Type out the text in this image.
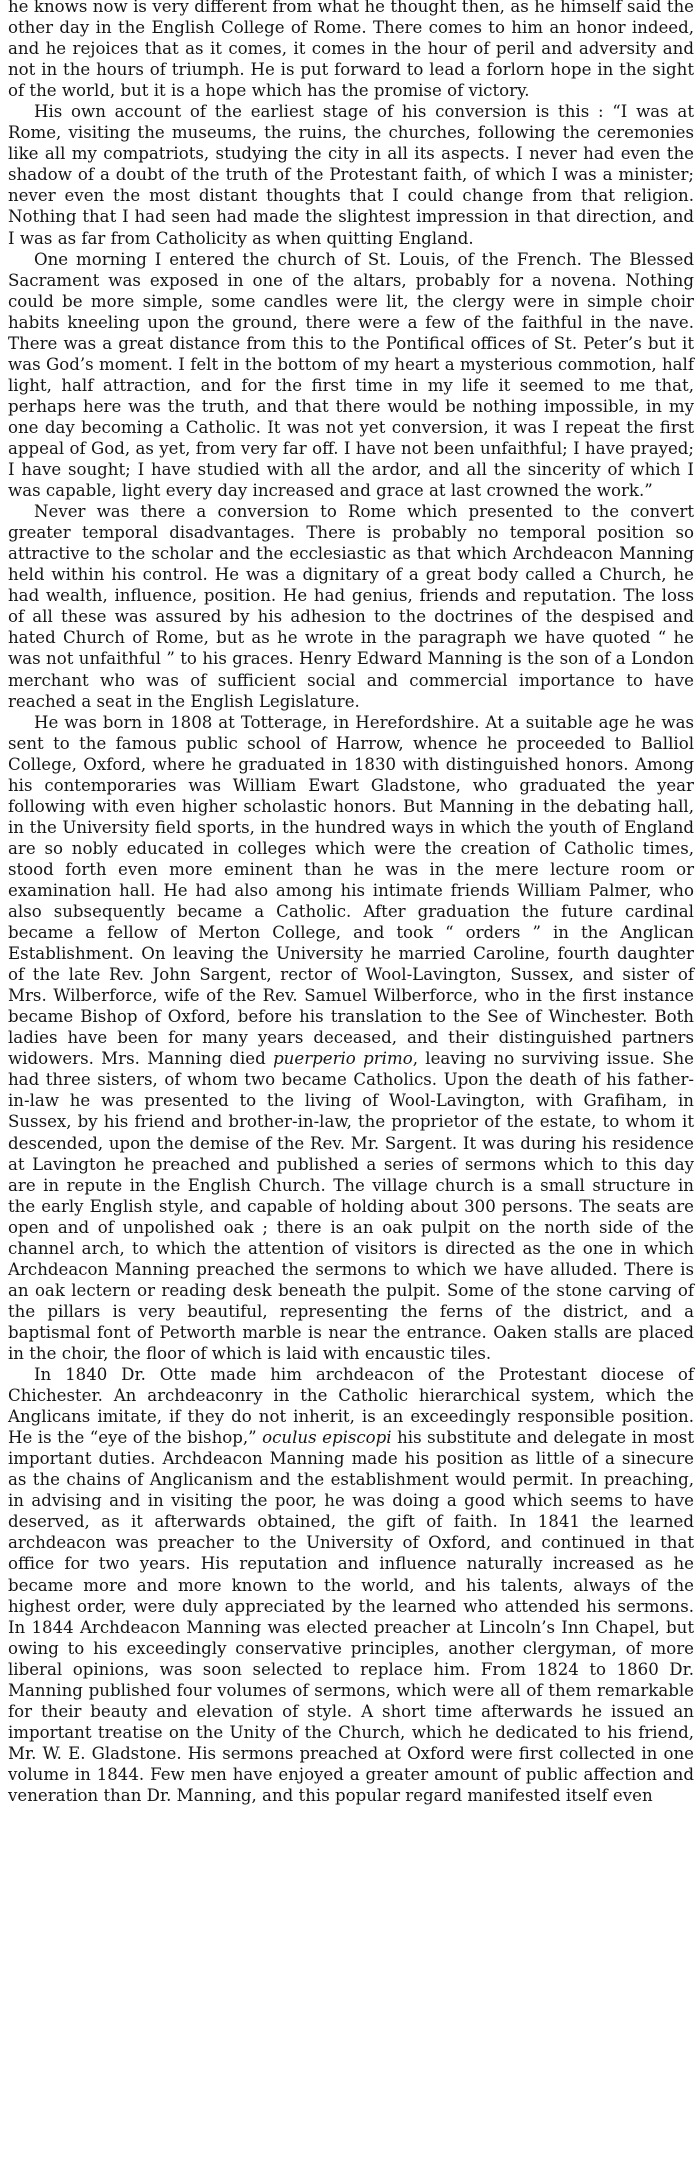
he knows now is very different from what he thought then, as he himself said the other day in the English College of Rome. There comes to him an honor indeed, and he rejoices that as it comes, it comes in the hour of peril and adversity and not in the hours of triumph. He is put forward to lead a forlorn hope in the sight of the world, but it is a hope which has the promise of victory.

His own account of the earliest stage of his conversion is this : “I was at Rome, visiting the museums, the ruins, the churches, following the ceremonies like all my compatriots, studying the city in all its aspects. I never had even the shadow of a doubt of the truth of the Protestant faith, of which I was a minister; never even the most distant thoughts that I could change from that religion. Nothing that I had seen had made the slightest impression in that direction, and I was as far from Catholicity as when quitting England.

One morning I entered the church of St. Louis, of the French. The Blessed Sacrament was exposed in one of the altars, probably for a novena. Nothing could be more simple, some candles were lit, the clergy were in simple choir habits kneeling upon the ground, there were a few of the faithful in the nave. There was a great distance from this to the Pontifical offices of St. Peter’s but it was God’s moment. I felt in the bottom of my heart a mysterious commotion, half light, half attraction, and for the first time in my life it seemed to me that, perhaps here was the truth, and that there would be nothing impossible, in my one day becoming a Catholic. It was not yet conversion, it was I repeat the first appeal of God, as yet, from very far off. I have not been unfaithful; I have prayed; I have sought; I have studied with all the ardor, and all the sincerity of which I was capable, light every day increased and grace at last crowned the work.”

Never was there a conversion to Rome which presented to the convert greater temporal disadvantages. There is probably no temporal position so attractive to the scholar and the ecclesiastic as that which Archdeacon Manning held within his control. He was a dignitary of a great body called a Church, he had wealth, influence, position. He had genius, friends and reputation. The loss of all these was assured by his adhesion to the doctrines of the despised and hated Church of Rome, but as he wrote in the paragraph we have quoted “ he was not unfaithful ” to his graces. Henry Edward Manning is the son of a London merchant who was of sufficient social and commercial importance to have reached a seat in the English Legislature.

He was born in 1808 at Totterage, in Herefordshire. At a suitable age he was sent to the famous public school of Harrow, whence he proceeded to Balliol College, Oxford, where he graduated in 1830 with distinguished honors. Among his contemporaries was William Ewart Gladstone, who graduated the year following with even higher scholastic honors. But Manning in the debating hall, in the University field sports, in the hundred ways in which the youth of England are so nobly educated in colleges which were the creation of Catholic times, stood forth even more eminent than he was in the mere lecture room or examination hall. He had also among his intimate friends William Palmer, who also subsequently became a Catholic. After graduation the future cardinal became a fellow of Merton College, and took “ orders ” in the Anglican Establishment. On leaving the University he married Caroline, fourth daughter of the late Rev. John Sargent, rector of Wool-Lavington, Sussex, and sister of Mrs. Wilberforce, wife of the Rev. Samuel Wilberforce, who in the first instance became Bishop of Oxford, before his translation to the See of Winchester. Both ladies have been for many years deceased, and their distinguished partners widowers. Mrs. Manning died puerperio primo, leaving no surviving issue. She had three sisters, of whom two became Catholics. Upon the death of his father-in-law he was presented to the living of Wool-Lavington, with Grafiham, in Sussex, by his friend and brother-in-law, the proprietor of the estate, to whom it descended, upon the demise of the Rev. Mr. Sargent. It was during his residence at Lavington he preached and published a series of sermons which to this day are in repute in the English Church. The village church is a small structure in the early English style, and capable of holding about 300 persons. The seats are open and of unpolished oak ; there is an oak pulpit on the north side of the channel arch, to which the attention of visitors is directed as the one in which Archdeacon Manning preached the sermons to which we have alluded. There is an oak lectern or reading desk beneath the pulpit. Some of the stone carving of the pillars is very beautiful, representing the ferns of the district, and a baptismal font of Petworth marble is near the entrance. Oaken stalls are placed in the choir, the floor of which is laid with encaustic tiles.

In 1840 Dr. Otte made him archdeacon of the Protestant diocese of Chichester. An archdeaconry in the Catholic hierarchical system, which the Anglicans imitate, if they do not inherit, is an exceedingly responsible position. He is the “eye of the bishop,” oculus episcopi his substitute and delegate in most important duties. Archdeacon Manning made his position as little of a sinecure as the chains of Anglicanism and the establishment would permit. In preaching, in advising and in visiting the poor, he was doing a good which seems to have deserved, as it afterwards obtained, the gift of faith. In 1841 the learned archdeacon was preacher to the University of Oxford, and continued in that office for two years. His reputation and influence naturally increased as he became more and more known to the world, and his talents, always of the highest order, were duly appreciated by the learned who attended his sermons. In 1844 Archdeacon Manning was elected preacher at Lincoln’s Inn Chapel, but owing to his exceedingly conservative principles, another clergyman, of more liberal opinions, was soon selected to replace him. From 1824 to 1860 Dr. Manning published four volumes of sermons, which were all of them remarkable for their beauty and elevation of style. A short time afterwards he issued an important treatise on the Unity of the Church, which he dedicated to his friend, Mr. W. E. Gladstone. His sermons preached at Oxford were first collected in one volume in 1844. Few men have enjoyed a greater amount of public affection and veneration than Dr. Manning, and this popular regard manifested itself even
